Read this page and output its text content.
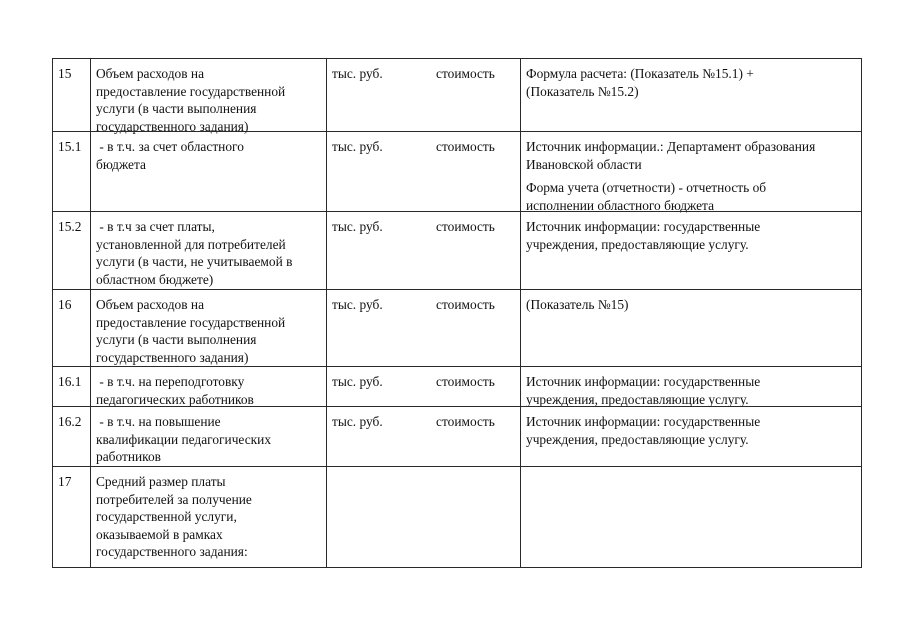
15	Объем расходов на
предоставление государственной
услуги (в части выполнения
государственного задания)
тыс. руб.	стоимость	Формула расчета: (Показатель №15.1) +
(Показатель №15.2)
15.1	- в т.ч. за счет областного
бюджета
тыс. руб.	стоимость	Источник информации.: Департамент образования
Ивановской области
Форма учета (отчетности) - отчетность об
исполнении областного бюджета
15.2	- в т.ч за счет платы,
установленной для потребителей
услуги (в части, не учитываемой в
областном бюджете)
тыс. руб.	стоимость	Источник информации: государственные
учреждения, предоставляющие услугу.
16	Объем расходов на
предоставление государственной
услуги (в части выполнения
государственного задания)
тыс. руб.	стоимость	(Показатель №15)
16.1	- в т.ч. на переподготовку
педагогических работников
тыс. руб.	стоимость	Источник информации: государственные
учреждения, предоставляющие услугу.
16.2	- в т.ч. на повышение
квалификации педагогических
работников
тыс. руб.	стоимость	Источник информации: государственные
учреждения, предоставляющие услугу.
17	Средний размер платы
потребителей за получение
государственной услуги,
оказываемой в рамках
государственного задания:
